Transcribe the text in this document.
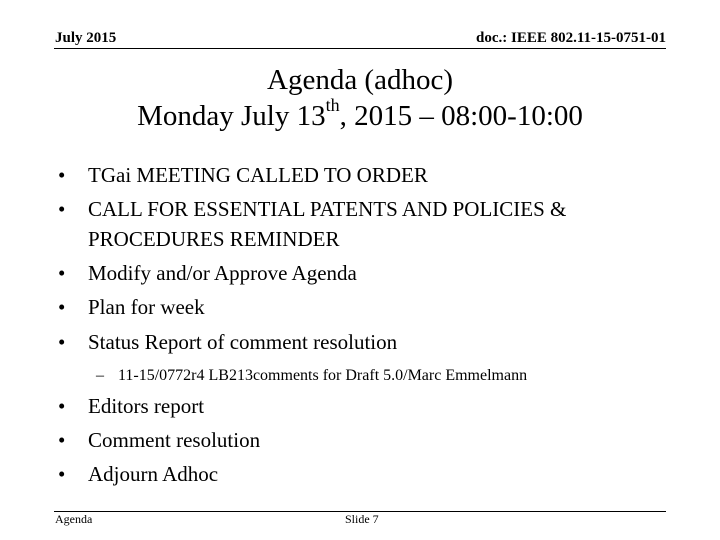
July 2015	doc.: IEEE 802.11-15-0751-01
Agenda (adhoc)
Monday July 13th, 2015 – 08:00-10:00
• TGai MEETING CALLED TO ORDER
• CALL FOR ESSENTIAL PATENTS AND POLICIES &
PROCEDURES REMINDER
• Modify and/or Approve Agenda
• Plan for week
• Status Report of comment resolution
– 11-15/0772r4 LB213comments for Draft 5.0/Marc Emmelmann
• Editors report
• Comment resolution
• Adjourn Adhoc
Agenda	Slide 7
